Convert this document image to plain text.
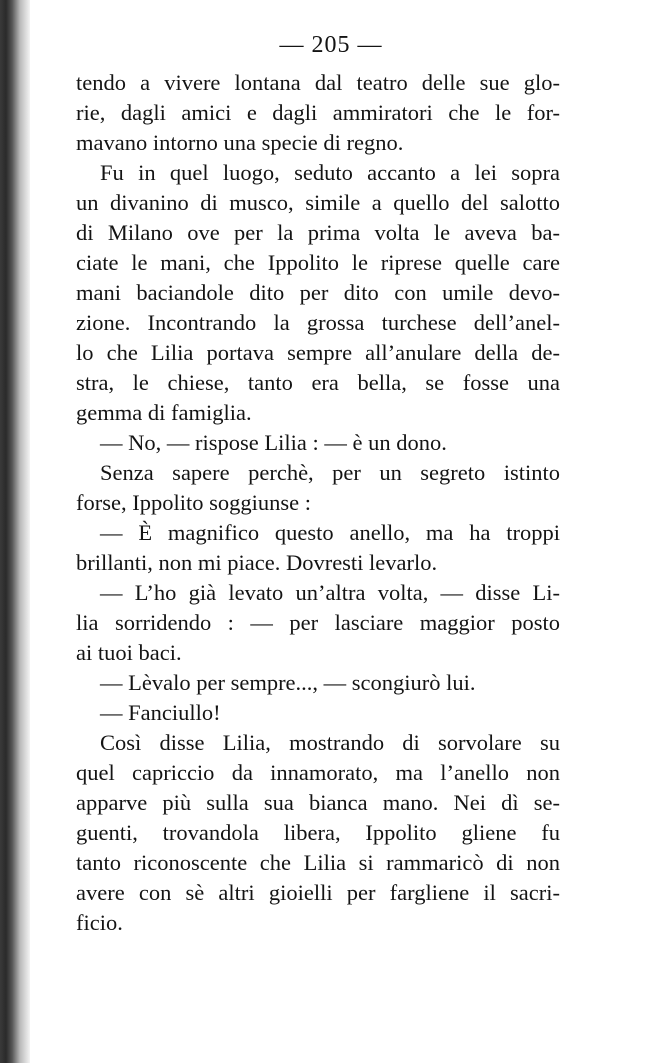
— 205 —
tendo a vivere lontana dal teatro delle sue glo-
rie, dagli amici e dagli ammiratori che le for-
mavano intorno una specie di regno.
Fu in quel luogo, seduto accanto a lei sopra
un divanino di musco, simile a quello del salotto
di Milano ove per la prima volta le aveva ba-
ciate le mani, che Ippolito le riprese quelle care
mani baciandole dito per dito con umile devo-
zione. Incontrando la grossa turchese dell’anel-
lo che Lilia portava sempre all’anulare della de-
stra, le chiese, tanto era bella, se fosse una
gemma di famiglia.
— No, — rispose Lilia : — è un dono.
Senza sapere perchè, per un segreto istinto
forse, Ippolito soggiunse :
— È magnifico questo anello, ma ha troppi
brillanti, non mi piace. Dovresti levarlo.
— L’ho già levato un’altra volta, — disse Li-
lia sorridendo : — per lasciare maggior posto
ai tuoi baci.
— Lèvalo per sempre..., — scongiurò lui.
— Fanciullo!
Così disse Lilia, mostrando di sorvolare su
quel capriccio da innamorato, ma l’anello non
apparve più sulla sua bianca mano. Nei dì se-
guenti, trovandola libera, Ippolito gliene fu
tanto riconoscente che Lilia si rammaricò di non
avere con sè altri gioielli per fargliene il sacri-
ficio.
